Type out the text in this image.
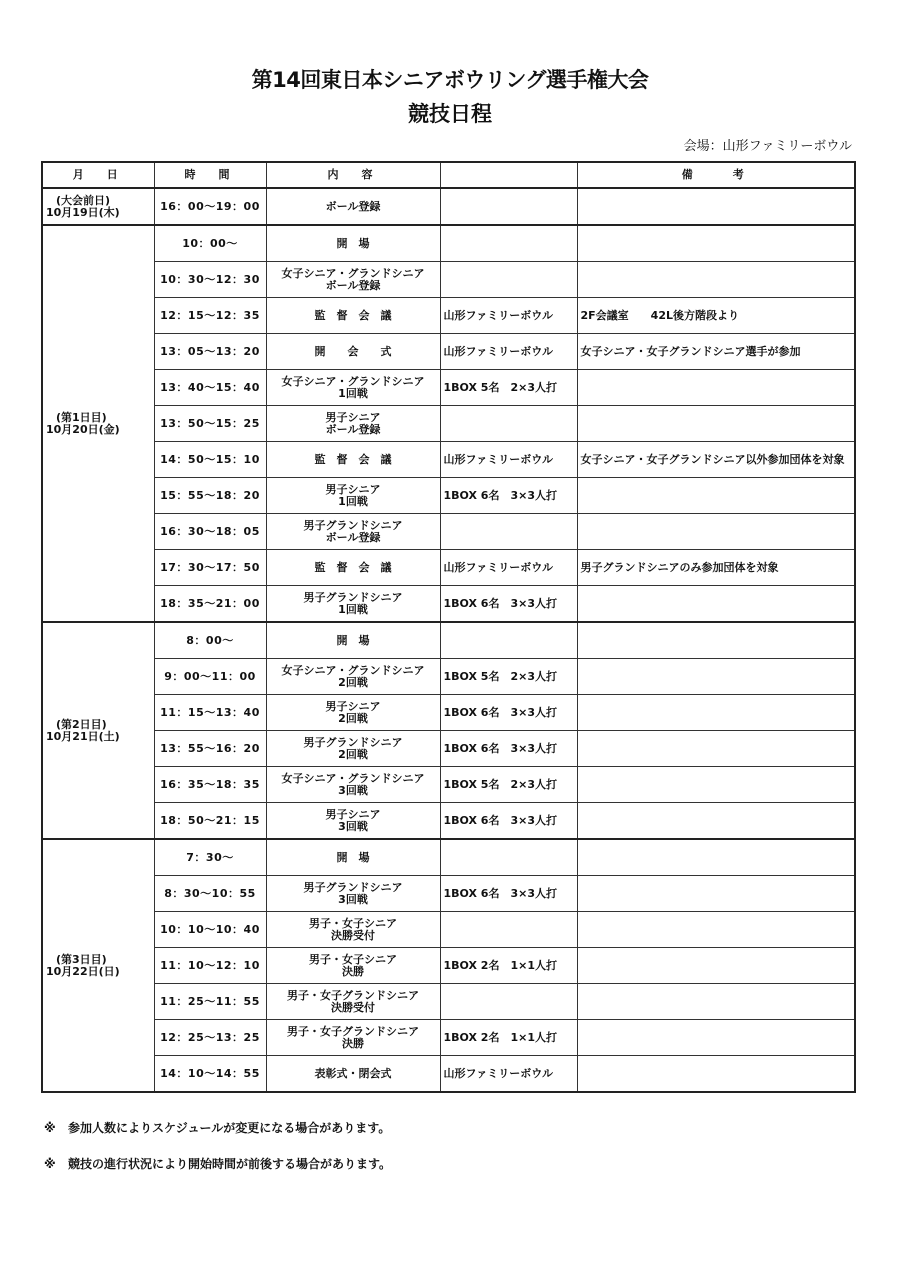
第14回東日本シニアボウリング選手権大会
競技日程
会場：山形ファミリーボウル
月　日	時　間	内　容		備　　考

(大会前日)
10月19日(木)	16：00〜19：00	ボール登録		

(第1日目)
10月20日(金)	10：00〜	開　場		

	10：30〜12：30	女子シニア・グランドシニア
ボール登録		

	12：15〜12：35	監　督　会　議	山形ファミリーボウル	2F会議室　　42L後方階段より
	13：05〜13：20	開　　会　　式	山形ファミリーボウル	女子シニア・女子グランドシニア選手が参加
	13：40〜15：40	女子シニア・グランドシニア
1回戦	1BOX 5名　2×3人打	
	13：50〜15：25	男子シニア
ボール登録		

	14：50〜15：10	監　督　会　議	山形ファミリーボウル	女子シニア・女子グランドシニア以外参加団体を対象
	15：55〜18：20	男子シニア
1回戦	1BOX 6名　3×3人打	
	16：30〜18：05	男子グランドシニア
ボール登録		

	17：30〜17：50	監　督　会　議	山形ファミリーボウル	男子グランドシニアのみ参加団体を対象
	18：35〜21：00	男子グランドシニア
1回戦	1BOX 6名　3×3人打	

(第2日目)
10月21日(土)	8：00〜	開　場		

	9：00〜11：00	女子シニア・グランドシニア
2回戦	1BOX 5名　2×3人打	
	11：15〜13：40	男子シニア
2回戦	1BOX 6名　3×3人打	
	13：55〜16：20	男子グランドシニア
2回戦	1BOX 6名　3×3人打	
	16：35〜18：35	女子シニア・グランドシニア
3回戦	1BOX 5名　2×3人打	
	18：50〜21：15	男子シニア
3回戦	1BOX 6名　3×3人打	

(第3日目)
10月22日(日)	7：30〜	開　場		

	8：30〜10：55	男子グランドシニア
3回戦	1BOX 6名　3×3人打	
	10：10〜10：40	男子・女子シニア
決勝受付		

	11：10〜12：10	男子・女子シニア
決勝	1BOX 2名　1×1人打	
	11：25〜11：55	男子・女子グランドシニア
決勝受付		

	12：25〜13：25	男子・女子グランドシニア
決勝	1BOX 2名　1×1人打	
	14：10〜14：55	表彰式・閉会式	山形ファミリーボウル	
※ 参加人数によりスケジュールが変更になる場合があります。
※ 競技の進行状況により開始時間が前後する場合があります。
